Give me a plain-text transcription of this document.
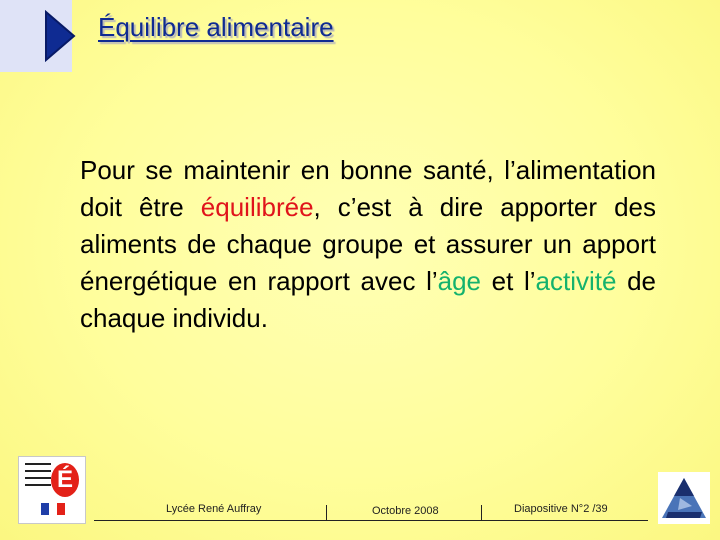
Équilibre alimentaire
Pour se maintenir en bonne santé, l’alimentation doit être équilibrée, c’est à dire apporter des aliments de chaque groupe et assurer un apport énergétique en rapport avec l’âge et l’activité de chaque individu.
É
Lycée René Auffray	Octobre 2008	Diapositive N°2 /39
